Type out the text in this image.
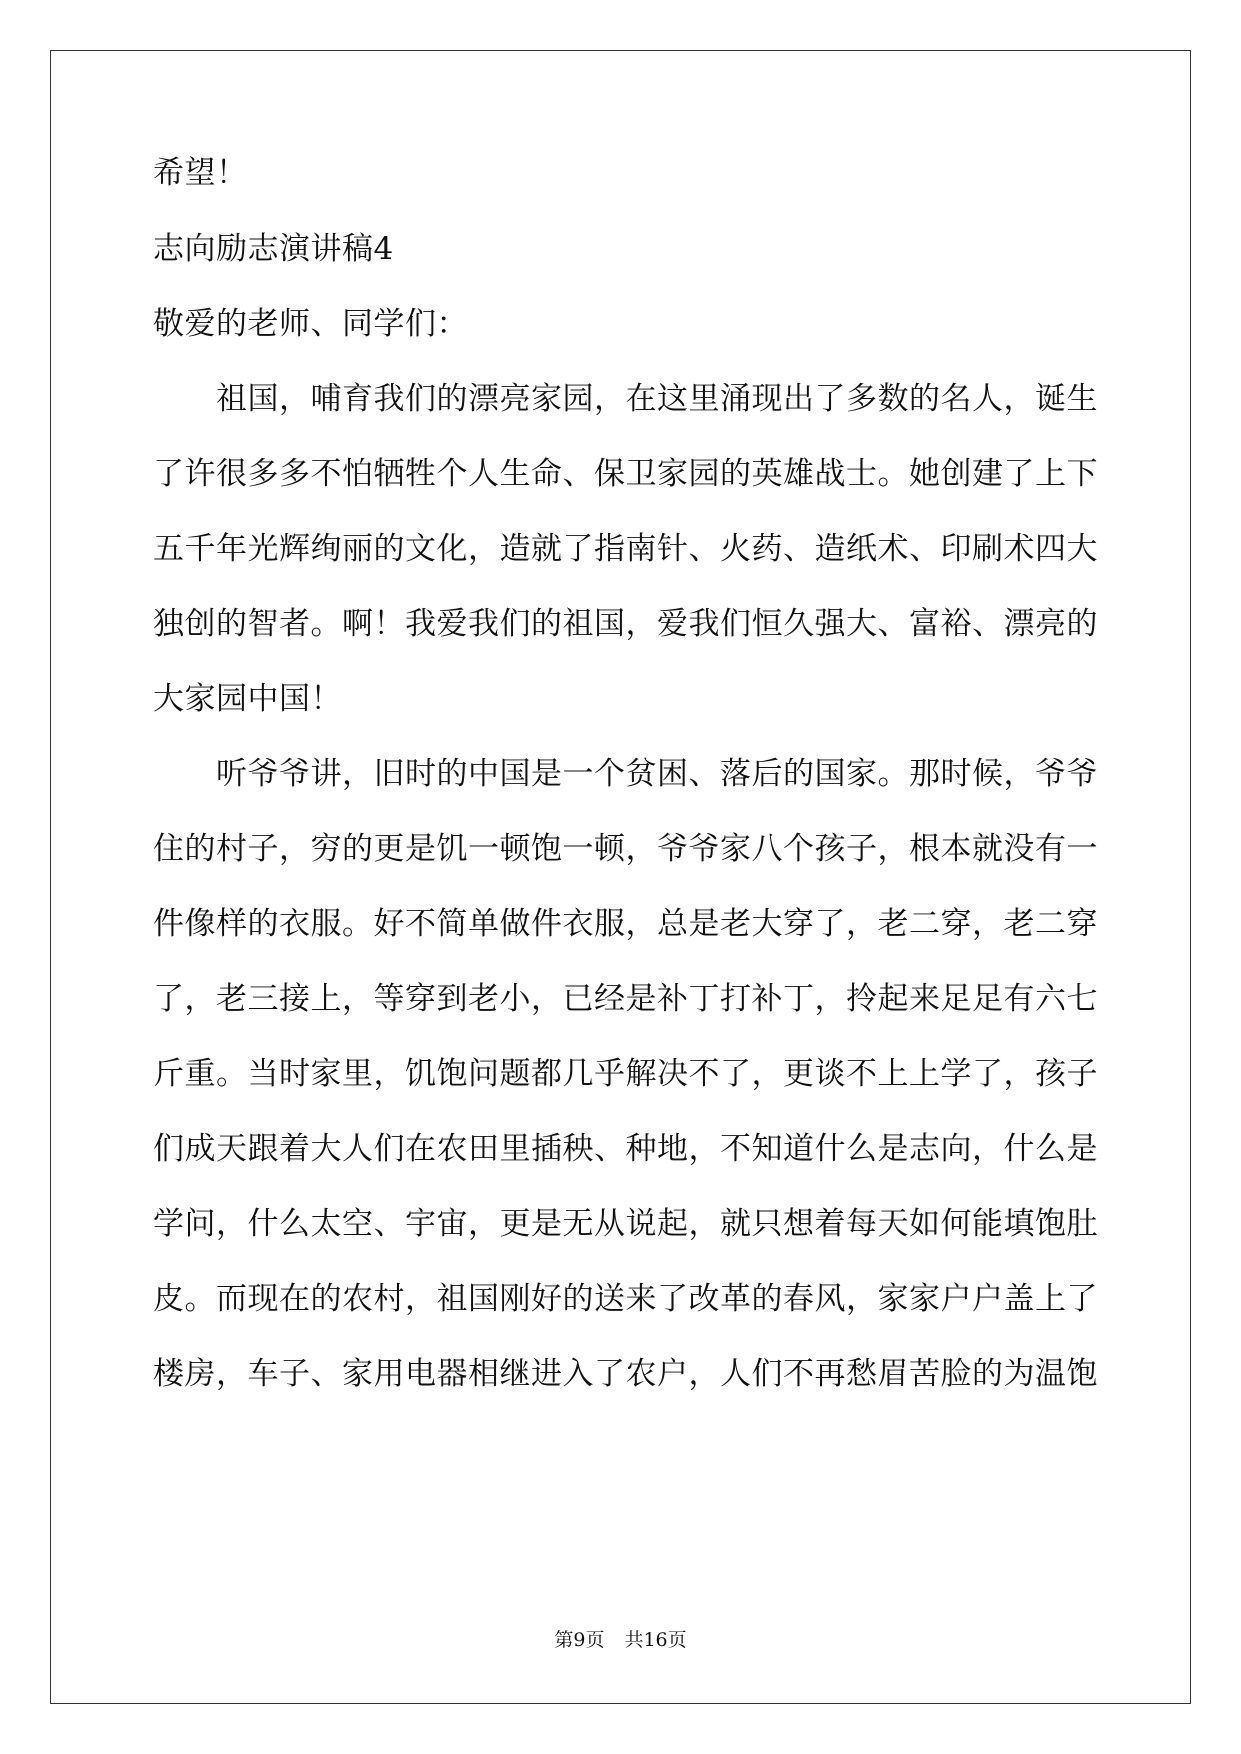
希望！
志向励志演讲稿4
敬爱的老师、同学们：
　　祖国，哺育我们的漂亮家园，在这里涌现出了多数的名人，诞生
了许很多多不怕牺牲个人生命、保卫家园的英雄战士。她创建了上下
五千年光辉绚丽的文化，造就了指南针、火药、造纸术、印刷术四大
独创的智者。啊！我爱我们的祖国，爱我们恒久强大、富裕、漂亮的
大家园中国！
　　听爷爷讲，旧时的中国是一个贫困、落后的国家。那时候，爷爷
住的村子，穷的更是饥一顿饱一顿，爷爷家八个孩子，根本就没有一
件像样的衣服。好不简单做件衣服，总是老大穿了，老二穿，老二穿
了，老三接上，等穿到老小，已经是补丁打补丁，拎起来足足有六七
斤重。当时家里，饥饱问题都几乎解决不了，更谈不上上学了，孩子
们成天跟着大人们在农田里插秧、种地，不知道什么是志向，什么是
学问，什么太空、宇宙，更是无从说起，就只想着每天如何能填饱肚
皮。而现在的农村，祖国刚好的送来了改革的春风，家家户户盖上了
楼房，车子、家用电器相继进入了农户，人们不再愁眉苦脸的为温饱
第9页 共16页
